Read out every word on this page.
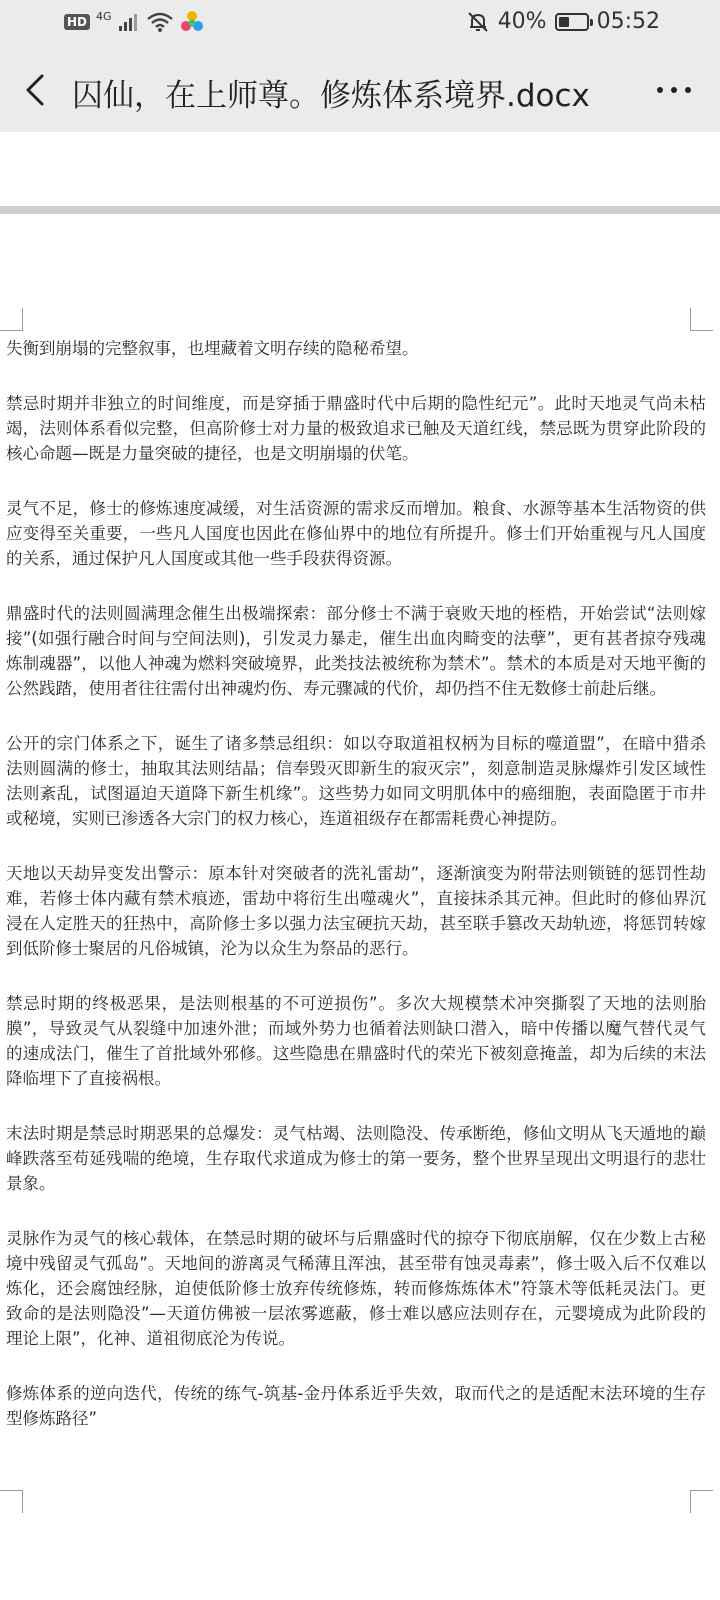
HD 4G	40% 05:52
囚仙，在上师尊。修炼体系境界.docx

失衡到崩塌的完整叙事，也埋藏着文明存续的隐秘希望。

禁忌时期并非独立的时间维度，而是穿插于鼎盛时代中后期的隐性纪元”。此时天地灵气尚未枯竭，法则体系看似完整，但高阶修士对力量的极致追求已触及天道红线，禁忌既为贯穿此阶段的核心命题—既是力量突破的捷径，也是文明崩塌的伏笔。

灵气不足，修士的修炼速度减缓，对生活资源的需求反而增加。粮食、水源等基本生活物资的供应变得至关重要，一些凡人国度也因此在修仙界中的地位有所提升。修士们开始重视与凡人国度的关系，通过保护凡人国度或其他一些手段获得资源。

鼎盛时代的法则圆满理念催生出极端探索：部分修士不满于衰败天地的桎梏，开始尝试“法则嫁接”(如强行融合时间与空间法则)，引发灵力暴走，催生出血肉畸变的法孽”，更有甚者掠夺残魂炼制魂器”，以他人神魂为燃料突破境界，此类技法被统称为禁术”。禁术的本质是对天地平衡的公然践踏，使用者往往需付出神魂灼伤、寿元骤减的代价，却仍挡不住无数修士前赴后继。

公开的宗门体系之下，诞生了诸多禁忌组织：如以夺取道祖权柄为目标的噬道盟”，在暗中猎杀法则圆满的修士，抽取其法则结晶；信奉毁灭即新生的寂灭宗”，刻意制造灵脉爆炸引发区域性法则紊乱，试图逼迫天道降下新生机缘”。这些势力如同文明肌体中的癌细胞，表面隐匿于市井或秘境，实则已渗透各大宗门的权力核心，连道祖级存在都需耗费心神提防。

天地以天劫异变发出警示：原本针对突破者的洗礼雷劫”，逐渐演变为附带法则锁链的惩罚性劫难，若修士体内藏有禁术痕迹，雷劫中将衍生出噬魂火”，直接抹杀其元神。但此时的修仙界沉浸在人定胜天的狂热中，高阶修士多以强力法宝硬抗天劫，甚至联手篡改天劫轨迹，将惩罚转嫁到低阶修士聚居的凡俗城镇，沦为以众生为祭品的恶行。

禁忌时期的终极恶果，是法则根基的不可逆损伤”。多次大规模禁术冲突撕裂了天地的法则胎膜”，导致灵气从裂缝中加速外泄；而域外势力也循着法则缺口潜入，暗中传播以魔气替代灵气的速成法门，催生了首批域外邪修。这些隐患在鼎盛时代的荣光下被刻意掩盖，却为后续的末法降临埋下了直接祸根。

末法时期是禁忌时期恶果的总爆发：灵气枯竭、法则隐没、传承断绝，修仙文明从飞天遁地的巅峰跌落至苟延残喘的绝境，生存取代求道成为修士的第一要务，整个世界呈现出文明退行的悲壮景象。

灵脉作为灵气的核心载体，在禁忌时期的破坏与后鼎盛时代的掠夺下彻底崩解，仅在少数上古秘境中残留灵气孤岛”。天地间的游离灵气稀薄且浑浊，甚至带有蚀灵毒素”，修士吸入后不仅难以炼化，还会腐蚀经脉，迫使低阶修士放弃传统修炼，转而修炼炼体术”符箓术等低耗灵法门。更致命的是法则隐没”—天道仿佛被一层浓雾遮蔽，修士难以感应法则存在，元婴境成为此阶段的理论上限”，化神、道祖彻底沦为传说。

修炼体系的逆向迭代，传统的练气-筑基-金丹体系近乎失效，取而代之的是适配末法环境的生存型修炼路径”
